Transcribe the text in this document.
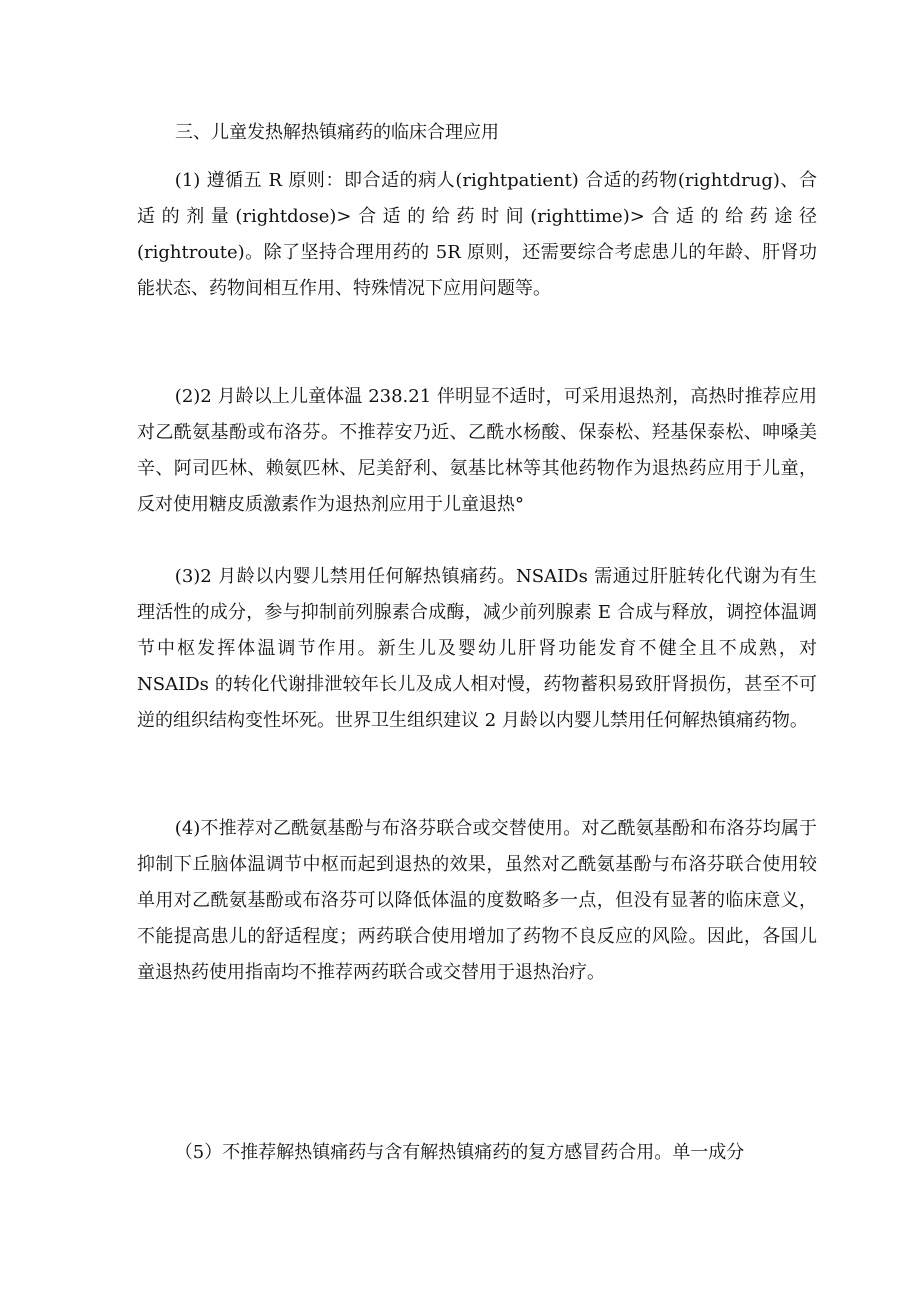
三、儿童发热解热镇痛药的临床合理应用

(1) 遵循五 R 原则：即合适的病人(rightpatient) 合适的药物(rightdrug)、合适的剂量(rightdose)>合适的给药时间(righttime)>合适的给药途径(rightroute)。除了坚持合理用药的 5R 原则，还需要综合考虑患儿的年龄、肝肾功能状态、药物间相互作用、特殊情况下应用问题等。

(2)2 月龄以上儿童体温 238.21 伴明显不适时，可采用退热剂，高热时推荐应用对乙酰氨基酚或布洛芬。不推荐安乃近、乙酰水杨酸、保泰松、羟基保泰松、呻嗓美辛、阿司匹林、赖氨匹林、尼美舒利、氨基比林等其他药物作为退热药应用于儿童，反对使用糖皮质激素作为退热剂应用于儿童退热°

(3)2 月龄以内婴儿禁用任何解热镇痛药。NSAIDs 需通过肝脏转化代谢为有生理活性的成分，参与抑制前列腺素合成酶，减少前列腺素 E 合成与释放，调控体温调节中枢发挥体温调节作用。新生儿及婴幼儿肝肾功能发育不健全且不成熟，对 NSAIDs 的转化代谢排泄较年长儿及成人相对慢，药物蓄积易致肝肾损伤，甚至不可逆的组织结构变性坏死。世界卫生组织建议 2 月龄以内婴儿禁用任何解热镇痛药物。

(4)不推荐对乙酰氨基酚与布洛芬联合或交替使用。对乙酰氨基酚和布洛芬均属于抑制下丘脑体温调节中枢而起到退热的效果，虽然对乙酰氨基酚与布洛芬联合使用较单用对乙酰氨基酚或布洛芬可以降低体温的度数略多一点，但没有显著的临床意义，不能提高患儿的舒适程度；两药联合使用增加了药物不良反应的风险。因此，各国儿童退热药使用指南均不推荐两药联合或交替用于退热治疗。

（5）不推荐解热镇痛药与含有解热镇痛药的复方感冒药合用。单一成分
